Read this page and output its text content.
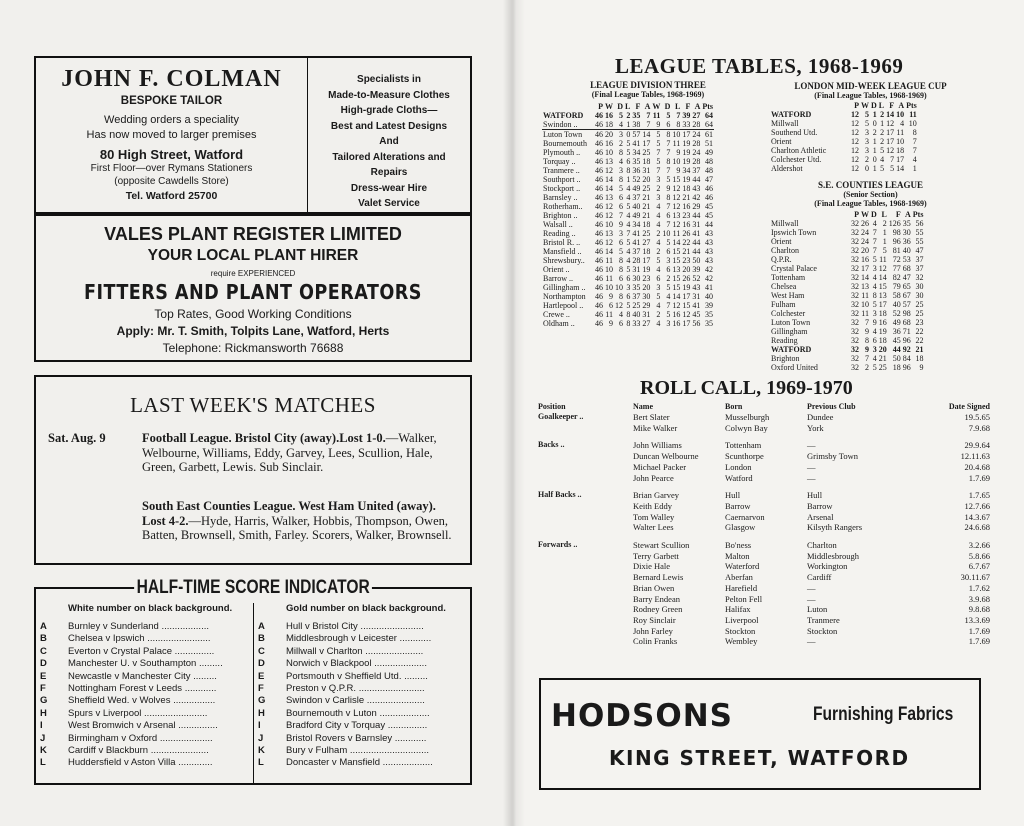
JOHN F. COLMAN
BESPOKE TAILOR
Wedding orders a speciality
Has now moved to larger premises
80 High Street, Watford
First Floor—over Rymans Stationers
(opposite Cawdells Store)
Tel. Watford 25700
Specialists in
Made-to-Measure Clothes
High-grade Cloths—
Best and Latest Designs
And
Tailored Alterations and
Repairs
Dress-wear Hire
Valet Service
VALES PLANT REGISTER LIMITED
YOUR LOCAL PLANT HIRER
require EXPERIENCED
FITTERS AND PLANT OPERATORS
Top Rates, Good Working Conditions
Apply: Mr. T. Smith, Tolpits Lane, Watford, Herts
Telephone: Rickmansworth 76688
LAST WEEK'S MATCHES
Sat. Aug. 9	Football League. Bristol City (away).Lost 1-0.—Walker, Welbourne, Williams, Eddy, Garvey, Lees, Scullion, Hale, Green, Garbett, Lewis. Sub Sinclair.
South East Counties League. West Ham United (away). Lost 4-2.—Hyde, Harris, Walker, Hobbis, Thompson, Owen, Batten, Brownsell, Smith, Farley. Scorers, Walker, Brownsell.
HALF-TIME SCORE INDICATOR
White number on black background.
A	Burnley v Sunderland ..................
B	Chelsea v Ipswich ........................
C	Everton v Crystal Palace ...............
D	Manchester U. v Southampton .........
E	Newcastle v Manchester City .........
F	Nottingham Forest v Leeds ............
G	Sheffield Wed. v Wolves ................
H	Spurs v Liverpool ........................
I	West Bromwich v Arsenal ...............
J	Birmingham v Oxford ....................
K	Cardiff v Blackburn ......................
L	Huddersfield v Aston Villa .............
Gold number on black background.
A	Hull v Bristol City ........................
B	Middlesbrough v Leicester ............
C	Millwall v Charlton ......................
D	Norwich v Blackpool ....................
E	Portsmouth v Sheffield Utd. .........
F	Preston v Q.P.R. .........................
G	Swindon v Carlisle ......................
H	Bournemouth v Luton ...................
I	Bradford City v Torquay ...............
J	Bristol Rovers v Barnsley ............
K	Bury v Fulham ..............................
L	Doncaster v Mansfield ...................
LEAGUE TABLES, 1968-1969
LEAGUE DIVISION THREE
(Final League Tables, 1968-1969)
	P	W	D	L	F	A	W	D	L	F	A	Pts
WATFORD	46	16	5	2	35	7	11	5	7	39	27	64
Swindon ..	46	18	4	1	38	7	9	6	8	33	28	64
Luton Town	46	20	3	0	57	14	5	8	10	17	24	61
Bournemouth	46	16	2	5	41	17	5	7	11	19	28	51
Plymouth ..	46	10	8	5	34	25	7	7	9	19	24	49
Torquay ..	46	13	4	6	35	18	5	8	10	19	28	48
Tranmere ..	46	12	3	8	36	31	7	7	9	34	37	48
Southport ..	46	14	8	1	52	20	3	5	15	19	44	47
Stockport ..	46	14	5	4	49	25	2	9	12	18	43	46
Barnsley ..	46	13	6	4	37	21	3	8	12	21	42	46
Rotherham..	46	12	6	5	40	21	4	7	12	16	29	45
Brighton ..	46	12	7	4	49	21	4	6	13	23	44	45
Walsall ..	46	10	9	4	34	18	4	7	12	16	31	44
Reading ..	46	13	3	7	41	25	2	10	11	26	41	43
Bristol R. ..	46	12	6	5	41	27	4	5	14	22	44	43
Mansfield ..	46	14	5	4	37	18	2	6	15	21	44	43
Shrewsbury..	46	11	8	4	28	17	5	3	15	23	50	43
Orient ..	46	10	8	5	31	19	4	6	13	20	39	42
Barrow ..	46	11	6	6	30	23	6	2	15	26	52	42
Gillingham ..	46	10	10	3	35	20	3	5	15	19	43	41
Northampton	46	9	8	6	37	30	5	4	14	17	31	40
Hartlepool ..	46	6	12	5	25	29	4	7	12	15	41	39
Crewe ..	46	11	4	8	40	31	2	5	16	12	45	35
Oldham ..	46	9	6	8	33	27	4	3	16	17	56	35
LONDON MID-WEEK LEAGUE CUP
(Final League Tables, 1968-1969)
	P	W	D	L	F	A	Pts
WATFORD	12	5	1	2	14	10	11
Millwall	12	5	0	1	12	4	10
Southend Utd.	12	3	2	2	17	11	8
Orient	12	3	1	2	17	10	7
Charlton Athletic	12	3	1	5	12	18	7
Colchester Utd.	12	2	0	4	7	17	4
Aldershot	12	0	1	5	5	14	1
S.E. COUNTIES LEAGUE
(Senior Section)
(Final League Tables, 1968-1969)
	P	W	D	L	F	A	Pts
Millwall	32	26	4	2	126	35	56
Ipswich Town	32	24	7	1	98	30	55
Orient	32	24	7	1	96	36	55
Charlton	32	20	7	5	81	40	47
Q.P.R.	32	16	5	11	72	53	37
Crystal Palace	32	17	3	12	77	68	37
Tottenham	32	14	4	14	82	47	32
Chelsea	32	13	4	15	79	65	30
West Ham	32	11	8	13	58	67	30
Fulham	32	10	5	17	40	57	25
Colchester	32	11	3	18	52	98	25
Luton Town	32	7	9	16	49	68	23
Gillingham	32	9	4	19	36	71	22
Reading	32	8	6	18	45	96	22
WATFORD	32	9	3	20	44	92	21
Brighton	32	7	4	21	50	84	18
Oxford United	32	2	5	25	18	96	9
ROLL CALL, 1969-1970
Position	Name	Born	Previous Club	Date Signed
Goalkeeper ..	Bert Slater	Musselburgh	Dundee	19.5.65
	Mike Walker	Colwyn Bay	York	7.9.68

Backs ..	John Williams	Tottenham	—	29.9.64
	Duncan Welbourne	Scunthorpe	Grimsby Town	12.11.63
	Michael Packer	London	—	20.4.68
	John Pearce	Watford	—	1.7.69

Half Backs ..	Brian Garvey	Hull	Hull	1.7.65
	Keith Eddy	Barrow	Barrow	12.7.66
	Tom Walley	Caernarvon	Arsenal	14.3.67
	Walter Lees	Glasgow	Kilsyth Rangers	24.6.68

Forwards ..	Stewart Scullion	Bo'ness	Charlton	3.2.66
	Terry Garbett	Malton	Middlesbrough	5.8.66
	Dixie Hale	Waterford	Workington	6.7.67
	Bernard Lewis	Aberfan	Cardiff	30.11.67
	Brian Owen	Harefield	—	1.7.62
	Barry Endean	Pelton Fell	—	3.9.68
	Rodney Green	Halifax	Luton	9.8.68
	Roy Sinclair	Liverpool	Tranmere	13.3.69
	John Farley	Stockton	Stockton	1.7.69
	Colin Franks	Wembley	—	1.7.69
HODSONS	Furnishing Fabrics
KING STREET, WATFORD
